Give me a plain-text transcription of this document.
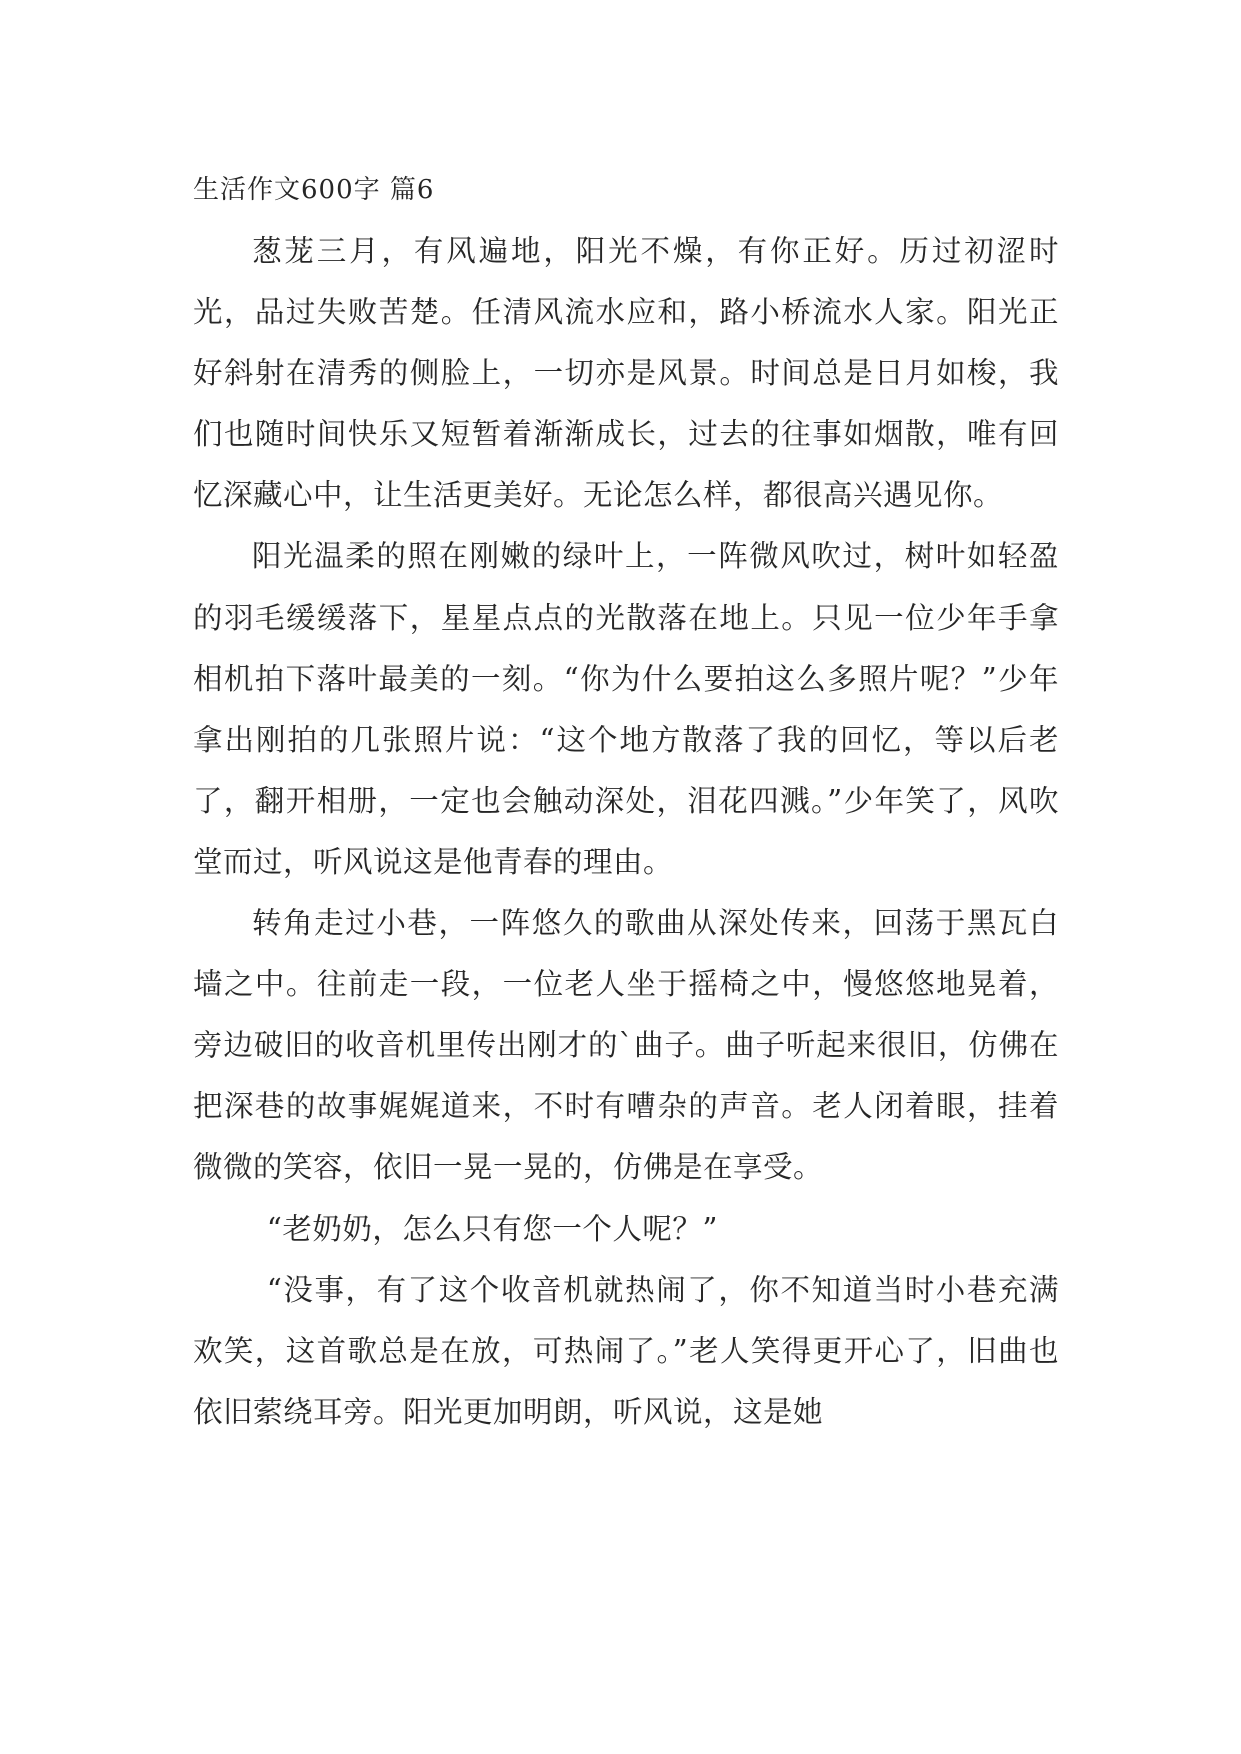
生活作文600字 篇6

葱茏三月，有风遍地，阳光不燥，有你正好。历过初涩时光，品过失败苦楚。任清风流水应和，路小桥流水人家。阳光正好斜射在清秀的侧脸上，一切亦是风景。时间总是日月如梭，我们也随时间快乐又短暂着渐渐成长，过去的往事如烟散，唯有回忆深藏心中，让生活更美好。无论怎么样，都很高兴遇见你。

阳光温柔的照在刚嫩的绿叶上，一阵微风吹过，树叶如轻盈的羽毛缓缓落下，星星点点的光散落在地上。只见一位少年手拿相机拍下落叶最美的一刻。“你为什么要拍这么多照片呢？”少年拿出刚拍的几张照片说：“这个地方散落了我的回忆，等以后老了，翻开相册，一定也会触动深处，泪花四溅。”少年笑了，风吹堂而过，听风说这是他青春的理由。

转角走过小巷，一阵悠久的歌曲从深处传来，回荡于黑瓦白墙之中。往前走一段，一位老人坐于摇椅之中，慢悠悠地晃着，旁边破旧的收音机里传出刚才的`曲子。曲子听起来很旧，仿佛在把深巷的故事娓娓道来，不时有嘈杂的声音。老人闭着眼，挂着微微的笑容，依旧一晃一晃的，仿佛是在享受。

“老奶奶，怎么只有您一个人呢？”

“没事，有了这个收音机就热闹了，你不知道当时小巷充满欢笑，这首歌总是在放，可热闹了。”老人笑得更开心了，旧曲也依旧萦绕耳旁。阳光更加明朗，听风说，这是她
